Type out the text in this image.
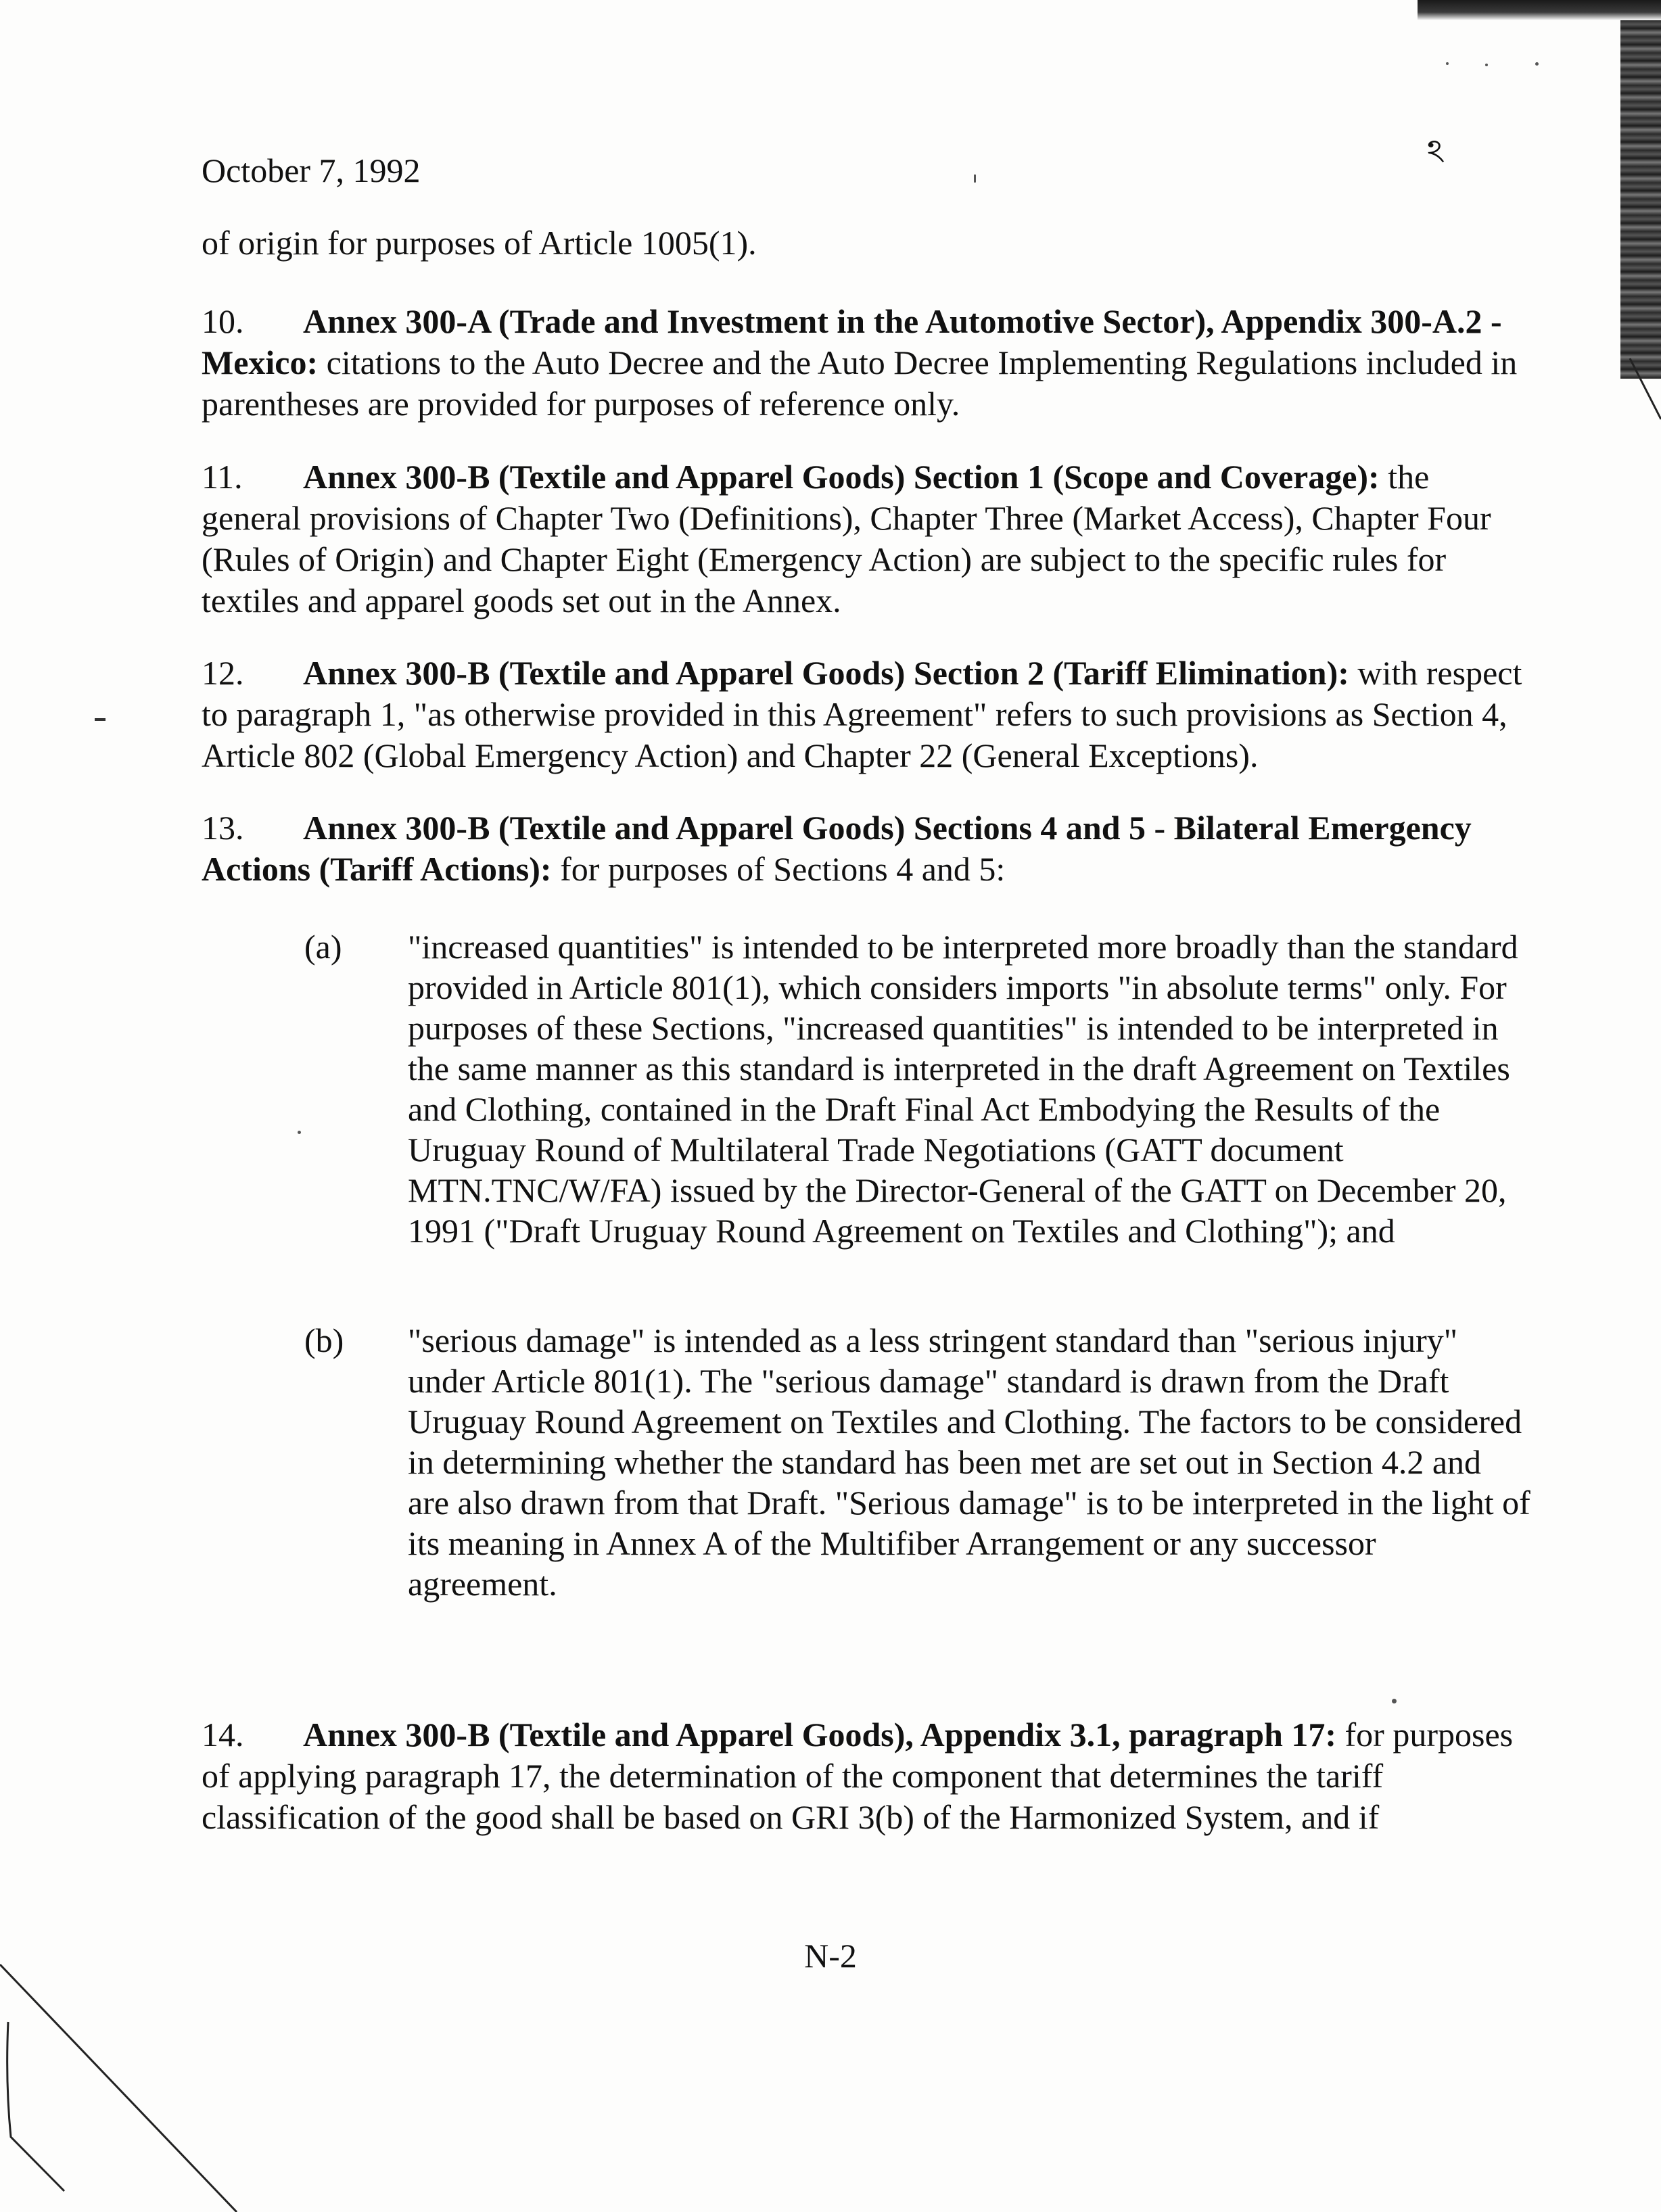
October 7, 1992	ঽ
of origin for purposes of Article 1005(1).
10. Annex 300-A (Trade and Investment in the Automotive Sector), Appendix 300-A.2 - Mexico: citations to the Auto Decree and the Auto Decree Implementing Regulations included in parentheses are provided for purposes of reference only.
11. Annex 300-B (Textile and Apparel Goods) Section 1 (Scope and Coverage): the general provisions of Chapter Two (Definitions), Chapter Three (Market Access), Chapter Four (Rules of Origin) and Chapter Eight (Emergency Action) are subject to the specific rules for textiles and apparel goods set out in the Annex.
12. Annex 300-B (Textile and Apparel Goods) Section 2 (Tariff Elimination): with respect to paragraph 1, "as otherwise provided in this Agreement" refers to such provisions as Section 4, Article 802 (Global Emergency Action) and Chapter 22 (General Exceptions).
13. Annex 300-B (Textile and Apparel Goods) Sections 4 and 5 - Bilateral Emergency Actions (Tariff Actions): for purposes of Sections 4 and 5:
(a)	"increased quantities" is intended to be interpreted more broadly than the standard provided in Article 801(1), which considers imports "in absolute terms" only. For purposes of these Sections, "increased quantities" is intended to be interpreted in the same manner as this standard is interpreted in the draft Agreement on Textiles and Clothing, contained in the Draft Final Act Embodying the Results of the Uruguay Round of Multilateral Trade Negotiations (GATT document MTN.TNC/W/FA) issued by the Director-General of the GATT on December 20, 1991 ("Draft Uruguay Round Agreement on Textiles and Clothing"); and
(b)	"serious damage" is intended as a less stringent standard than "serious injury" under Article 801(1). The "serious damage" standard is drawn from the Draft Uruguay Round Agreement on Textiles and Clothing. The factors to be considered in determining whether the standard has been met are set out in Section 4.2 and are also drawn from that Draft. "Serious damage" is to be interpreted in the light of its meaning in Annex A of the Multifiber Arrangement or any successor agreement.
14. Annex 300-B (Textile and Apparel Goods), Appendix 3.1, paragraph 17: for purposes of applying paragraph 17, the determination of the component that determines the tariff classification of the good shall be based on GRI 3(b) of the Harmonized System, and if
N-2
